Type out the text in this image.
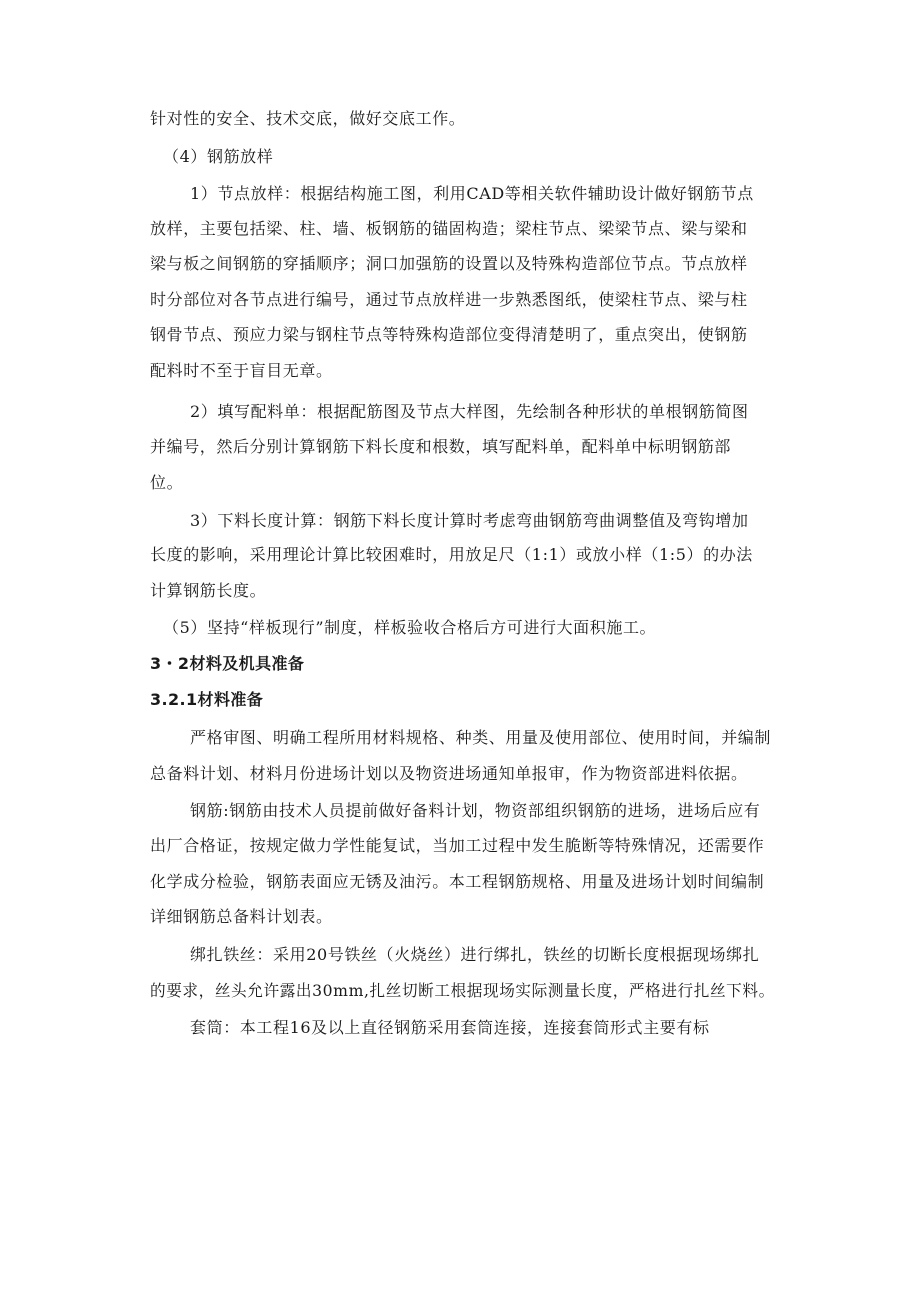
针对性的安全、技术交底，做好交底工作。
（4）钢筋放样
1）节点放样：根据结构施工图，利用CAD等相关软件辅助设计做好钢筋节点
放样，主要包括梁、柱、墙、板钢筋的锚固构造；梁柱节点、梁梁节点、梁与梁和
梁与板之间钢筋的穿插顺序；洞口加强筋的设置以及特殊构造部位节点。节点放样
时分部位对各节点进行编号，通过节点放样进一步熟悉图纸，使梁柱节点、梁与柱
钢骨节点、预应力梁与钢柱节点等特殊构造部位变得清楚明了，重点突出，使钢筋
配料时不至于盲目无章。
2）填写配料单：根据配筋图及节点大样图，先绘制各种形状的单根钢筋简图
并编号，然后分别计算钢筋下料长度和根数，填写配料单，配料单中标明钢筋部
位。
3）下料长度计算：钢筋下料长度计算时考虑弯曲钢筋弯曲调整值及弯钩增加
长度的影响，采用理论计算比较困难时，用放足尺（1:1）或放小样（1:5）的办法
计算钢筋长度。
（5）坚持“样板现行”制度，样板验收合格后方可进行大面积施工。
3・2材料及机具准备
3.2.1材料准备
严格审图、明确工程所用材料规格、种类、用量及使用部位、使用时间，并编制
总备料计划、材料月份进场计划以及物资进场通知单报审，作为物资部进料依据。
钢筋:钢筋由技术人员提前做好备料计划，物资部组织钢筋的进场，进场后应有
出厂合格证，按规定做力学性能复试，当加工过程中发生脆断等特殊情况，还需要作
化学成分检验，钢筋表面应无锈及油污。本工程钢筋规格、用量及进场计划时间编制
详细钢筋总备料计划表。
绑扎铁丝：采用20号铁丝（火烧丝）进行绑扎，铁丝的切断长度根据现场绑扎
的要求，丝头允许露出30mm,扎丝切断工根据现场实际测量长度，严格进行扎丝下料。
套筒：本工程16及以上直径钢筋采用套筒连接，连接套筒形式主要有标
